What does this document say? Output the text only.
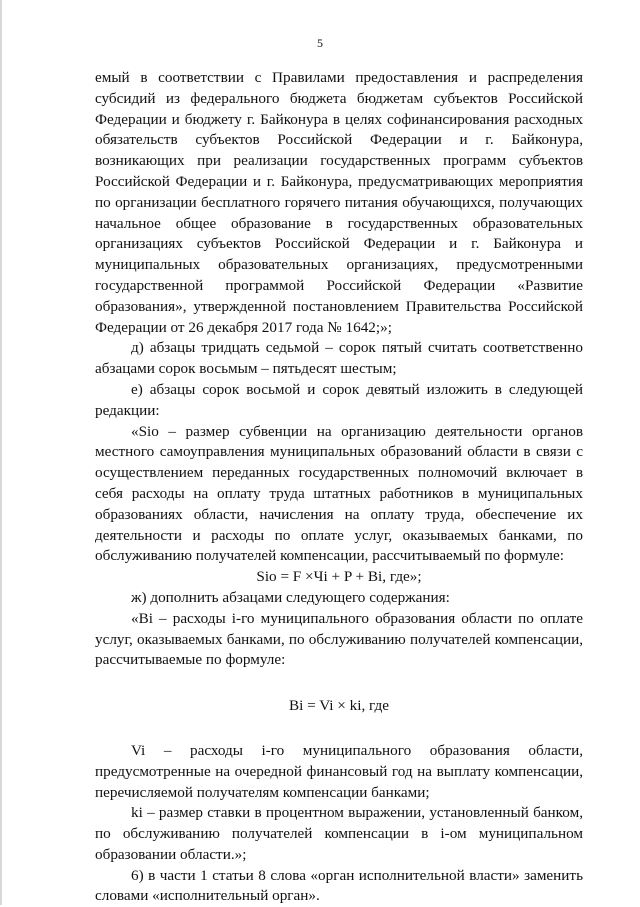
5

емый в соответствии с Правилами предоставления и распределения субсидий из федерального бюджета бюджетам субъектов Российской Федерации и бюджету г. Байконура в целях софинансирования расходных обязательств субъектов Российской Федерации и г. Байконура, возникающих при реализации государственных программ субъектов Российской Федерации и г. Байконура, предусматривающих мероприятия по организации бесплатного горячего питания обучающихся, получающих начальное общее образование в государственных образовательных организациях субъектов Российской Федерации и г. Байконура и муниципальных образовательных организациях, предусмотренными государственной программой Российской Федерации «Развитие образования», утвержденной постановлением Правительства Российской Федерации от 26 декабря 2017 года № 1642;»;

д) абзацы тридцать седьмой – сорок пятый считать соответственно абзацами сорок восьмым – пятьдесят шестым;

е) абзацы сорок восьмой и сорок девятый изложить в следующей редакции:

«Sio – размер субвенции на организацию деятельности органов местного самоуправления муниципальных образований области в связи с осуществлением переданных государственных полномочий включает в себя расходы на оплату труда штатных работников в муниципальных образованиях области, начисления на оплату труда, обеспечение их деятельности и расходы по оплате услуг, оказываемых банками, по обслуживанию получателей компенсации, рассчитываемый по формуле:

Sio = F ×Чi + P + Bi, где»;

ж) дополнить абзацами следующего содержания:

«Bi – расходы i-го муниципального образования области по оплате услуг, оказываемых банками, по обслуживанию получателей компенсации, рассчитываемые по формуле:

Bi = Vi × ki, где

Vi – расходы i-го муниципального образования области, предусмотренные на очередной финансовый год на выплату компенсации, перечисляемой получателям компенсации банками;

ki – размер ставки в процентном выражении, установленный банком, по обслуживанию получателей компенсации в i-ом муниципальном образовании области.»;

6) в части 1 статьи 8 слова «орган исполнительной власти» заменить словами «исполнительный орган».
